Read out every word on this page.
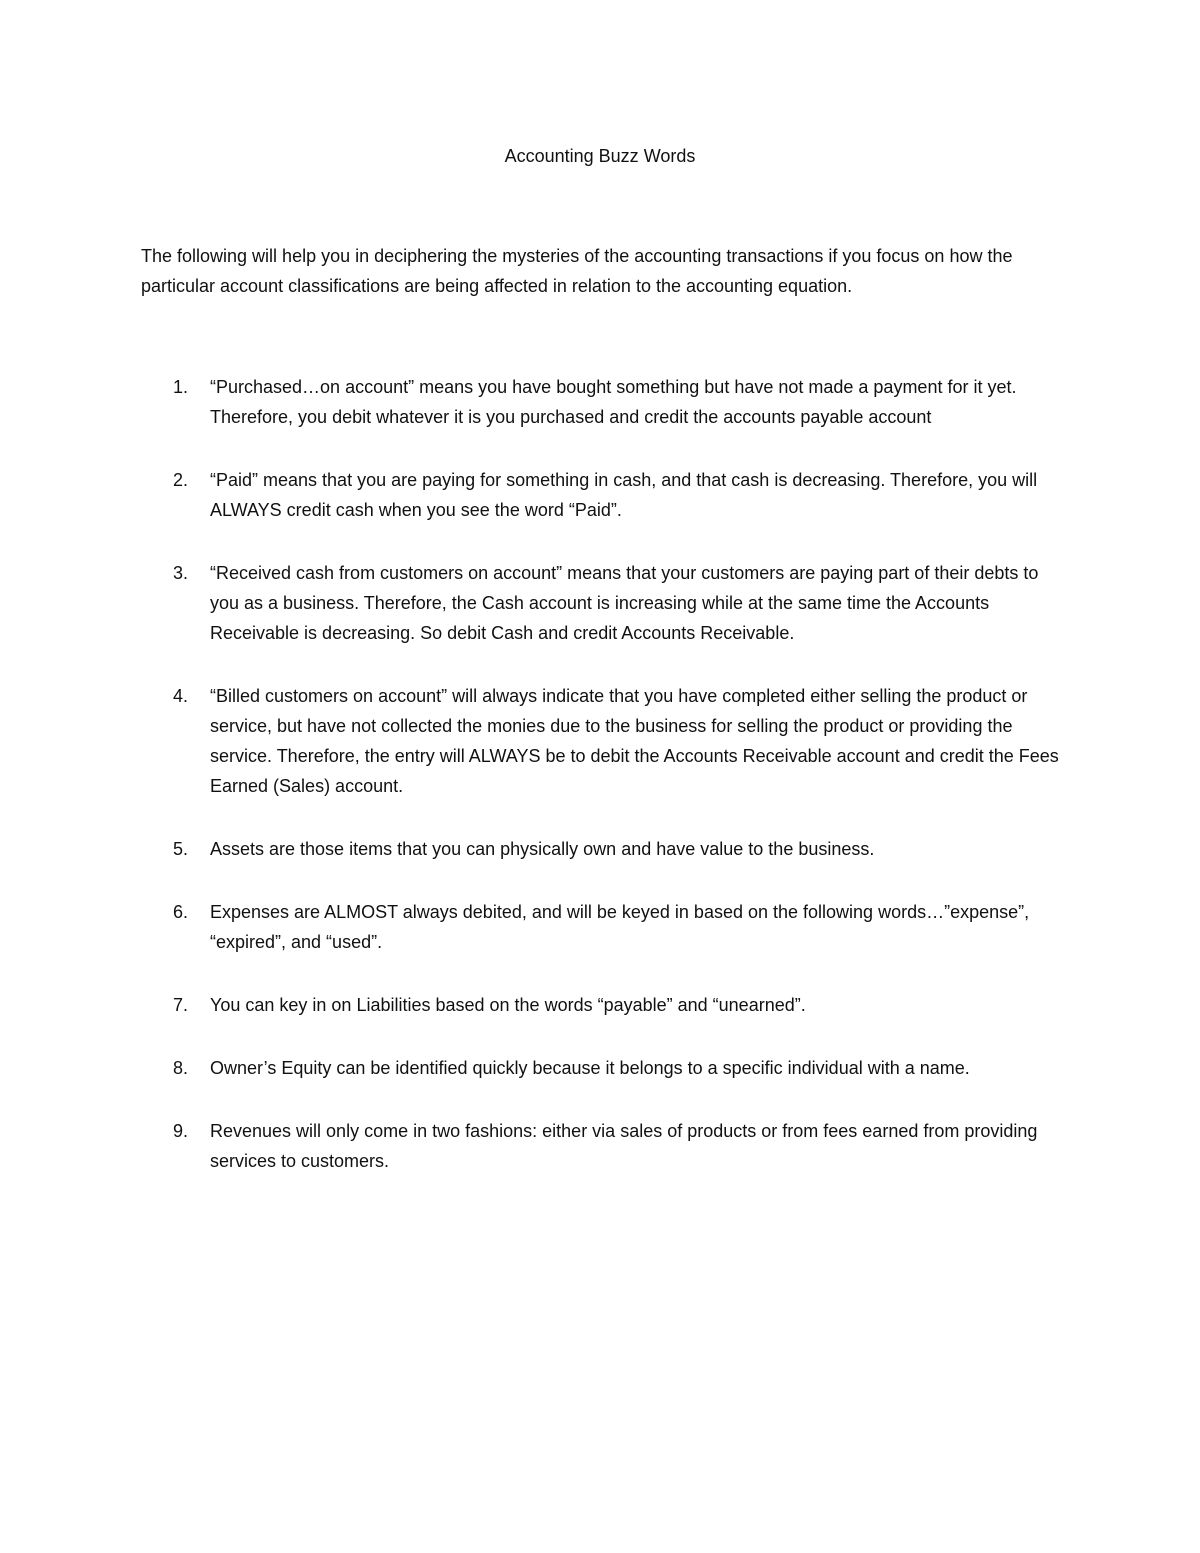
Accounting Buzz Words

The following will help you in deciphering the mysteries of the accounting transactions if you focus on how the particular account classifications are being affected in relation to the accounting equation.

1. “Purchased…on account” means you have bought something but have not made a payment for it yet. Therefore, you debit whatever it is you purchased and credit the accounts payable account
2. “Paid” means that you are paying for something in cash, and that cash is decreasing. Therefore, you will ALWAYS credit cash when you see the word “Paid”.
3. “Received cash from customers on account” means that your customers are paying part of their debts to you as a business. Therefore, the Cash account is increasing while at the same time the Accounts Receivable is decreasing. So debit Cash and credit Accounts Receivable.
4. “Billed customers on account” will always indicate that you have completed either selling the product or service, but have not collected the monies due to the business for selling the product or providing the service. Therefore, the entry will ALWAYS be to debit the Accounts Receivable account and credit the Fees Earned (Sales) account.
5. Assets are those items that you can physically own and have value to the business.
6. Expenses are ALMOST always debited, and will be keyed in based on the following words…”expense”, “expired”, and “used”.
7. You can key in on Liabilities based on the words “payable” and “unearned”.
8. Owner’s Equity can be identified quickly because it belongs to a specific individual with a name.
9. Revenues will only come in two fashions: either via sales of products or from fees earned from providing services to customers.
